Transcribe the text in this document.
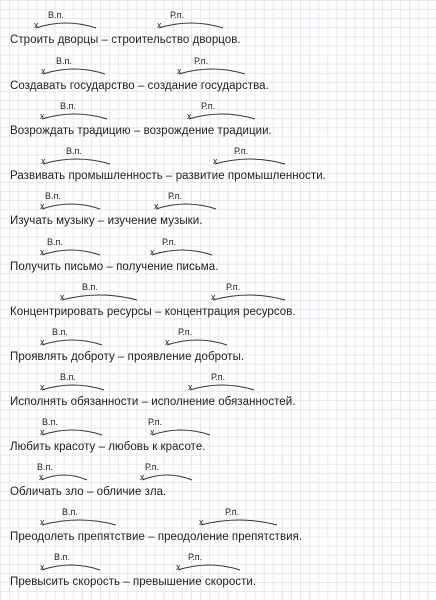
x
В.п.
x
Р.п.
Строить дворцы – строительство дворцов.
x
В.п.
x
Р.п.
Создавать государство – создание государства.
x
В.п.
x
Р.п.
Возрождать традицию – возрождение традиции.
x
В.п.
x
Р.п.
Развивать промышленность – развитие промышленности.
x
В.п.
x
Р.п.
Изучать музыку – изучение музыки.
x
В.п.
x
Р.п.
Получить письмо – получение письма.
x
В.п.
x
Р.п.
Концентрировать ресурсы – концентрация ресурсов.
x
В.п.
x
Р.п.
Проявлять доброту – проявление доброты.
x
В.п.
x
Р.п.
Исполнять обязанности – исполнение обязанностей.
x
В.п.
x
Р.п.
Любить красоту – любовь к красоте.
x
В.п.
x
Р.п.
Обличать зло – обличие зла.
x
В.п.
x
Р.п.
Преодолеть препятствие – преодоление препятствия.
x
В.п.
x
Р.п.
Превысить скорость – превышение скорости.
